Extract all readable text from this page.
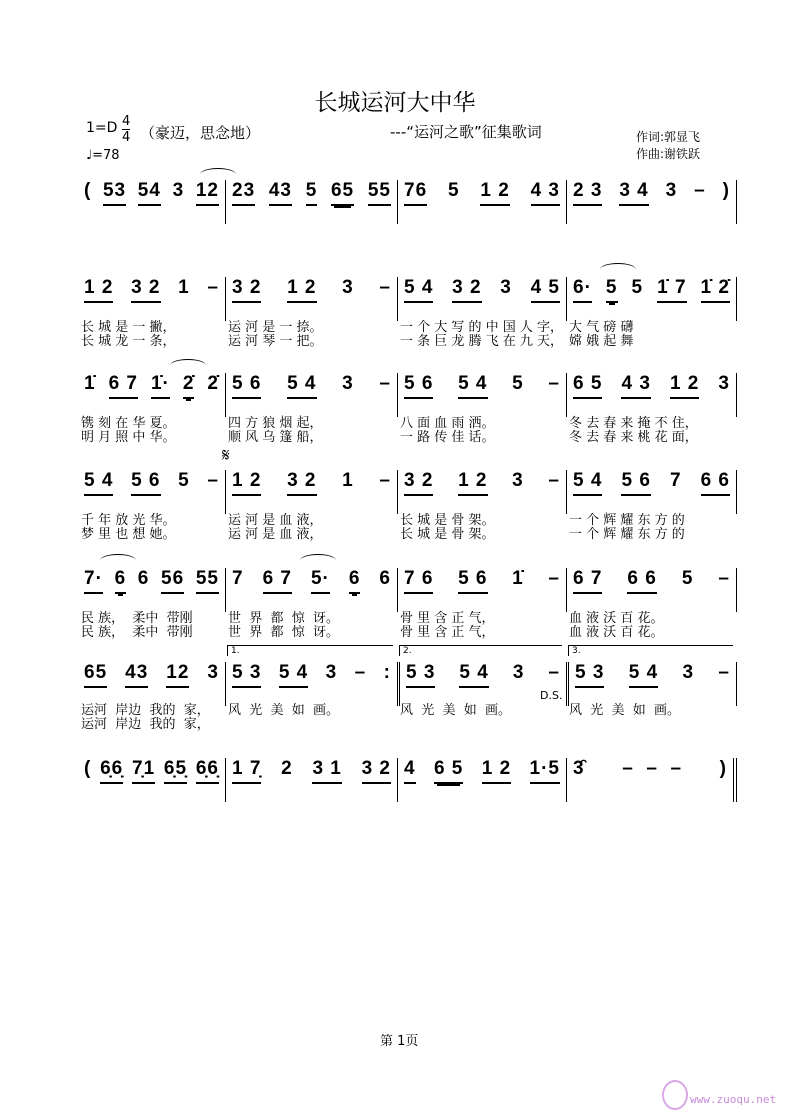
长城运河大中华
1=D 4
4 （豪迈，思念地）
♩=78
---“运河之歌”征集歌词	作词:郭显飞
作曲:谢铁跃
( 53 54 3 12 23 43 5 65 55 76 5 1 2 4 3 2 3 3 4 3 – )
1 2 3 2 1 – 3 2 1 2 3 – 5 4 3 2 3 4 5 6· 5 5 1̇ 7 1̇ 2̇
长 城 是 一 撇，	运 河 是 一 捺。	一 个 大 写 的 中 国 人 字， 大 气 磅 礴
长 城 龙 一 条，	运 河 琴 一 把。	一 条 巨 龙 腾 飞 在 九 天， 嫦 娥 起 舞
1̇ 6 7 1̇· 2̇ 2̇ 5 6 5 4 3 – 5 6 5 4 5 – 6 5 4 3 1 2 3
镌 刻 在 华 夏。	四 方 狼 烟 起，	八 面 血 雨 洒。	冬 去 春 来 掩 不 住，
明 月 照 中 华。	顺 风 乌 篷 船，	一 路 传 佳 话。	冬 去 春 来 桃 花 面，
5 4 5 6 5 – 1 2 3 2 1 – 3 2 1 2 3 – 5 4 5 6 7 6 6
千 年 放 光 华。	运 河 是 血 液，	长 城 是 骨 架。	一 个 辉 耀 东 方 的
梦 里 也 想 她。	运 河 是 血 液，	长 城 是 骨 架。	一 个 辉 耀 东 方 的
𝄋
7· 6 6 56 55 7 6 7 5· 6 6 7 6 5 6 1̇ – 6 7 6 6 5 –
民 族，  柔中  带刚	世  界  都  惊  讶。	骨 里 含 正 气，	血 液 沃 百 花。
民 族，  柔中  带刚	世  界  都  惊  讶。	骨 里 含 正 气，	血 液 沃 百 花。
65 43 12 3 5 3 5 4 3 – : 5 3 5 4 3 – 5 3 5 4 3 –
运河  岸边  我的  家， 风  光  美  如  画。	风  光  美  如  画。	风  光  美  如  画。
运河  岸边  我的  家，
1.	2.	3.
D.S.
( 6̣6̣ 7̣1 6̣5̣ 6̣6̣ 1 7̣ 2 3 1 3 2 4 6 5 1 2 1·5 3̑ –  –  – )
第 1页
www.zuoqu.net
